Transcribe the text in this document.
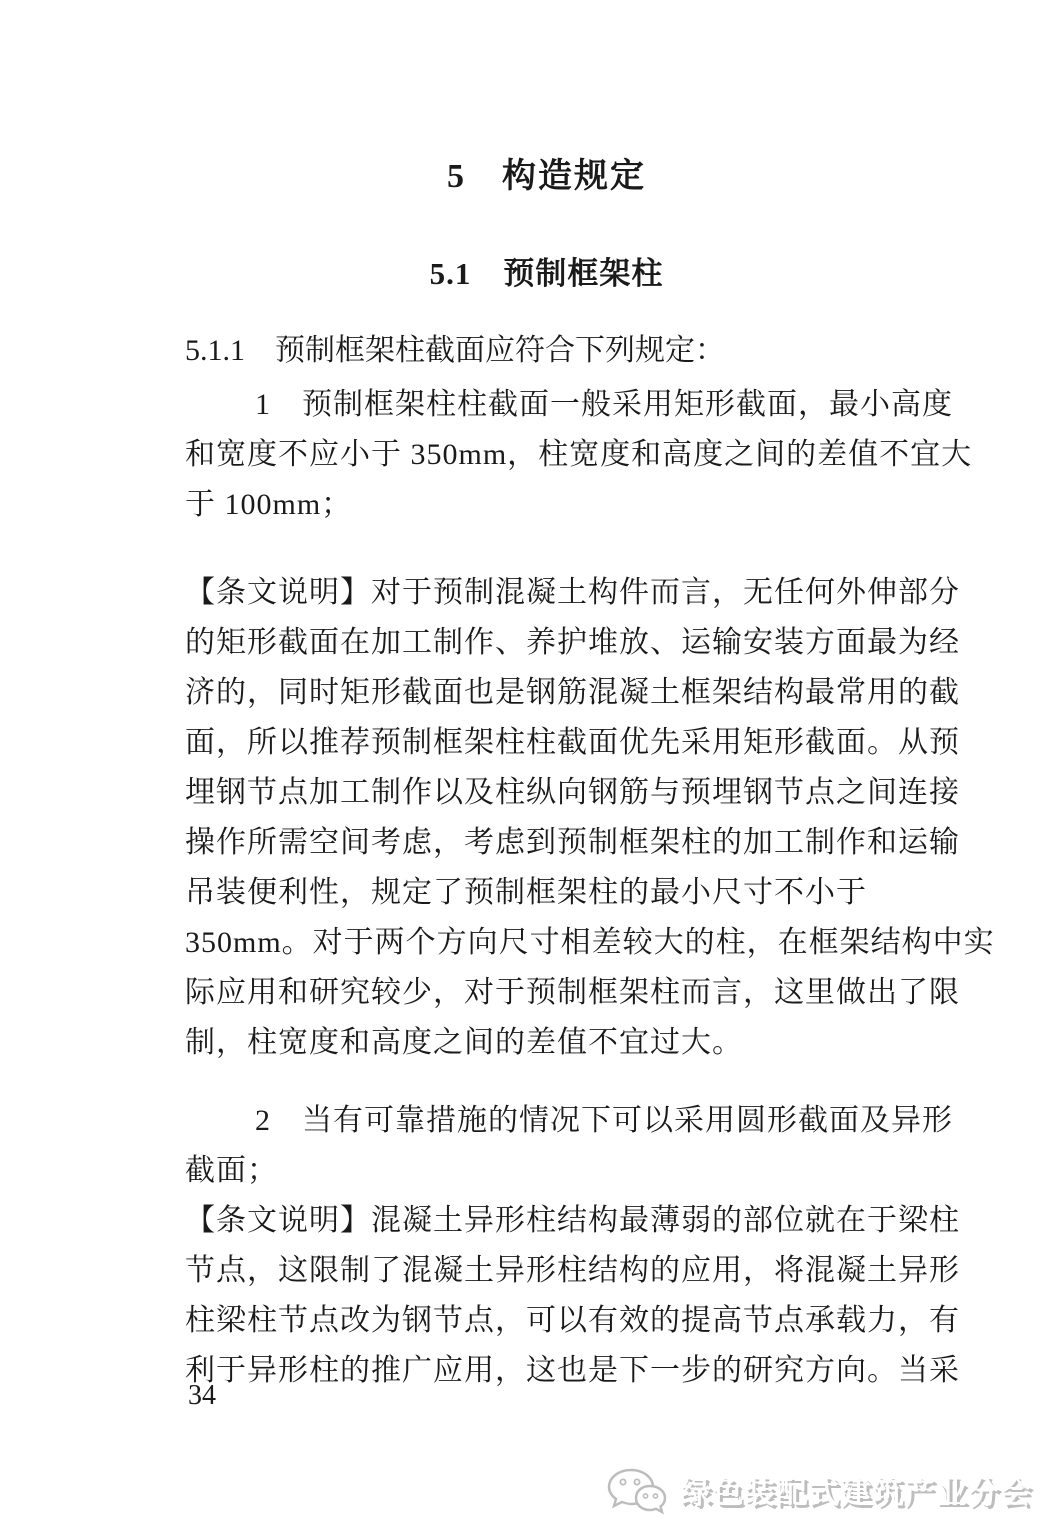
5　构造规定
5.1　预制框架柱
5.1.1　预制框架柱截面应符合下列规定：
1　预制框架柱柱截面一般采用矩形截面，最小高度
和宽度不应小于 350mm，柱宽度和高度之间的差值不宜大
于 100mm；
【条文说明】对于预制混凝土构件而言，无任何外伸部分
的矩形截面在加工制作、养护堆放、运输安装方面最为经
济的，同时矩形截面也是钢筋混凝土框架结构最常用的截
面，所以推荐预制框架柱柱截面优先采用矩形截面。从预
埋钢节点加工制作以及柱纵向钢筋与预埋钢节点之间连接
操作所需空间考虑，考虑到预制框架柱的加工制作和运输
吊装便利性，规定了预制框架柱的最小尺寸不小于
350mm。对于两个方向尺寸相差较大的柱，在框架结构中实
际应用和研究较少，对于预制框架柱而言，这里做出了限
制，柱宽度和高度之间的差值不宜过大。
2　当有可靠措施的情况下可以采用圆形截面及异形
截面；
【条文说明】混凝土异形柱结构最薄弱的部位就在于梁柱
节点，这限制了混凝土异形柱结构的应用，将混凝土异形
柱梁柱节点改为钢节点，可以有效的提高节点承载力，有
利于异形柱的推广应用，这也是下一步的研究方向。当采
34
绿色装配式建筑产业分会
